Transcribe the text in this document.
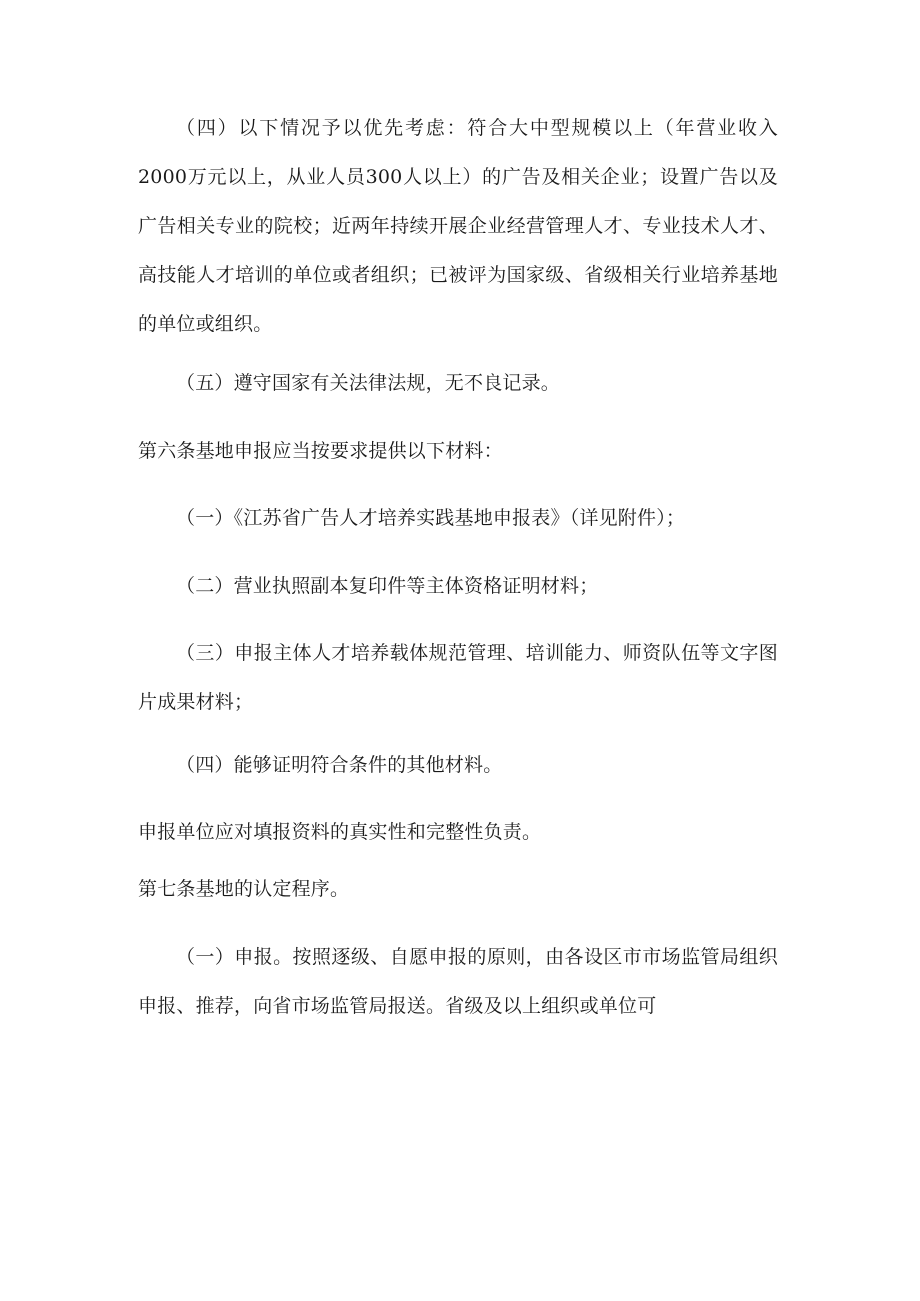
（四）以下情况予以优先考虑：符合大中型规模以上（年营业收入2000万元以上，从业人员300人以上）的广告及相关企业；设置广告以及广告相关专业的院校；近两年持续开展企业经营管理人才、专业技术人才、高技能人才培训的单位或者组织；已被评为国家级、省级相关行业培养基地的单位或组织。

（五）遵守国家有关法律法规，无不良记录。

第六条基地申报应当按要求提供以下材料：

（一）《江苏省广告人才培养实践基地申报表》（详见附件）；

（二）营业执照副本复印件等主体资格证明材料；

（三）申报主体人才培养载体规范管理、培训能力、师资队伍等文字图片成果材料；

（四）能够证明符合条件的其他材料。

申报单位应对填报资料的真实性和完整性负责。

第七条基地的认定程序。

（一）申报。按照逐级、自愿申报的原则，由各设区市市场监管局组织申报、推荐，向省市场监管局报送。省级及以上组织或单位可
